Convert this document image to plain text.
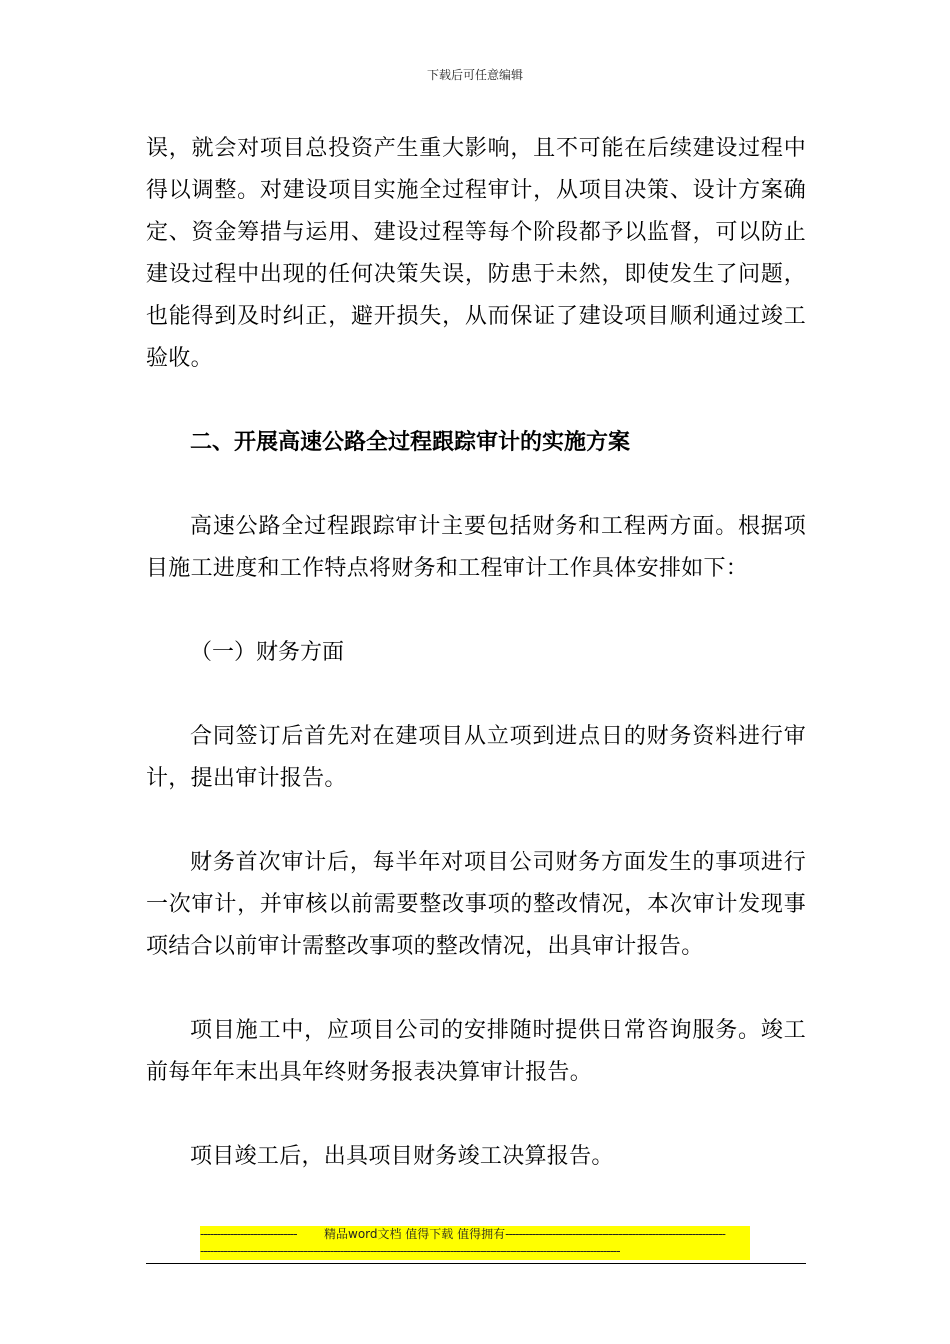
下载后可任意编辑

误，就会对项目总投资产生重大影响，且不可能在后续建设过程中得以调整。对建设项目实施全过程审计，从项目决策、设计方案确定、资金筹措与运用、建设过程等每个阶段都予以监督，可以防止建设过程中出现的任何决策失误，防患于未然，即使发生了问题，也能得到及时纠正，避开损失，从而保证了建设项目顺利通过竣工验收。

二、开展高速公路全过程跟踪审计的实施方案

高速公路全过程跟踪审计主要包括财务和工程两方面。根据项目施工进度和工作特点将财务和工程审计工作具体安排如下：

（一）财务方面

合同签订后首先对在建项目从立项到进点日的财务资料进行审计，提出审计报告。

财务首次审计后，每半年对项目公司财务方面发生的事项进行一次审计，并审核以前需要整改事项的整改情况，本次审计发现事项结合以前审计需整改事项的整改情况，出具审计报告。

项目施工中，应项目公司的安排随时提供日常咨询服务。竣工前每年年末出具年终财务报表决算审计报告。

项目竣工后，出具项目财务竣工决算报告。

-----------------------------	精品word文档 值得下载 值得拥有 ------------------------------------------------------------------
------------------------------------------------------------------------------------------------------------------------------
